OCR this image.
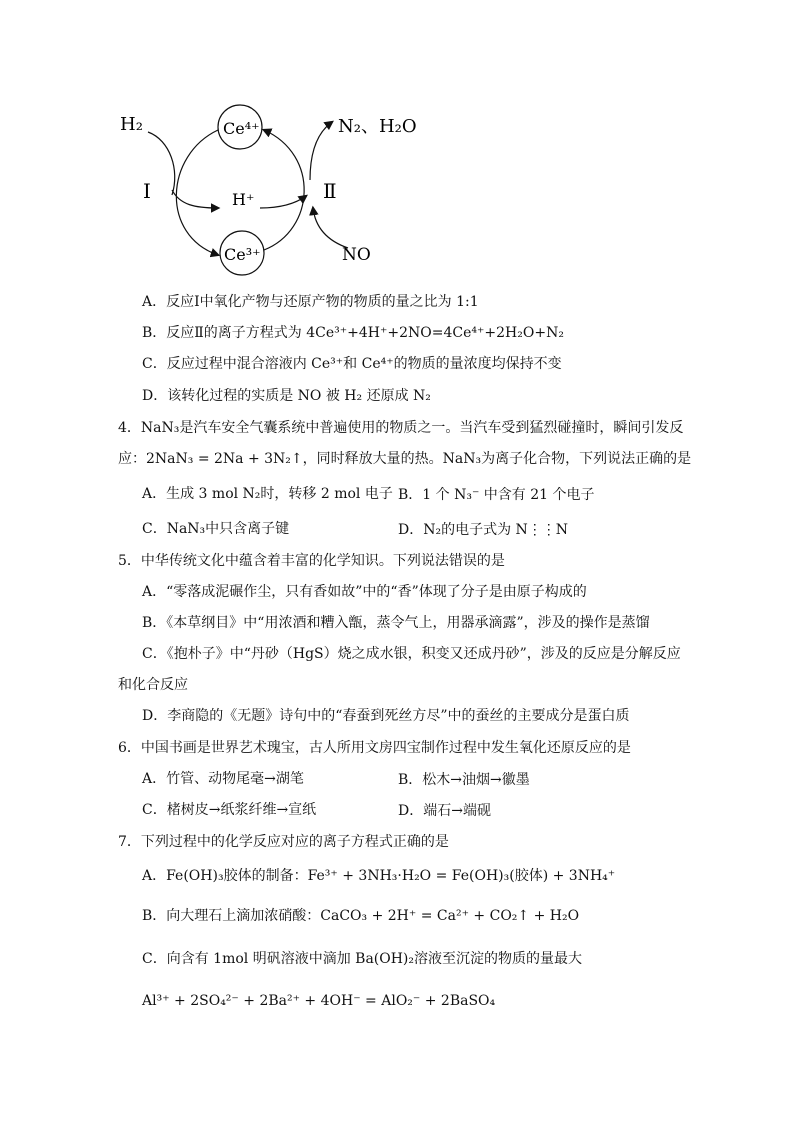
H₂	Ce⁴⁺
Ⅰ	H⁺	Ⅱ
Ce³⁺
N₂、H₂O
NO
A．反应Ⅰ中氧化产物与还原产物的物质的量之比为 1:1
B．反应Ⅱ的离子方程式为 4Ce³⁺+4H⁺+2NO=4Ce⁴⁺+2H₂O+N₂
C．反应过程中混合溶液内 Ce³⁺和 Ce⁴⁺的物质的量浓度均保持不变
D．该转化过程的实质是 NO 被 H₂ 还原成 N₂
4．NaN₃是汽车安全气囊系统中普遍使用的物质之一。当汽车受到猛烈碰撞时，瞬间引发反
应：2NaN₃ = 2Na + 3N₂↑，同时释放大量的热。NaN₃为离子化合物，下列说法正确的是
A．生成 3 mol N₂时，转移 2 mol 电子 B．1 个 N₃⁻ 中含有 21 个电子
C．NaN₃中只含离子键	D．N₂的电子式为 N⋮⋮N
5．中华传统文化中蕴含着丰富的化学知识。下列说法错误的是
A．“零落成泥碾作尘，只有香如故”中的“香”体现了分子是由原子构成的
B．《本草纲目》中“用浓酒和糟入甑，蒸令气上，用器承滴露”，涉及的操作是蒸馏
C．《抱朴子》中“丹砂（HgS）烧之成水银，积变又还成丹砂”，涉及的反应是分解反应
和化合反应
D．李商隐的《无题》诗句中的“春蚕到死丝方尽”中的蚕丝的主要成分是蛋白质
6．中国书画是世界艺术瑰宝，古人所用文房四宝制作过程中发生氧化还原反应的是
A．竹管、动物尾毫→湖笔	B．松木→油烟→徽墨
C．楮树皮→纸浆纤维→宣纸	D．端石→端砚
7．下列过程中的化学反应对应的离子方程式正确的是
A．Fe(OH)₃胶体的制备：Fe³⁺ + 3NH₃·H₂O = Fe(OH)₃(胶体) + 3NH₄⁺
B．向大理石上滴加浓硝酸：CaCO₃ + 2H⁺ = Ca²⁺ + CO₂↑ + H₂O
C．向含有 1mol 明矾溶液中滴加 Ba(OH)₂溶液至沉淀的物质的量最大
Al³⁺ + 2SO₄²⁻ + 2Ba²⁺ + 4OH⁻ = AlO₂⁻ + 2BaSO₄
